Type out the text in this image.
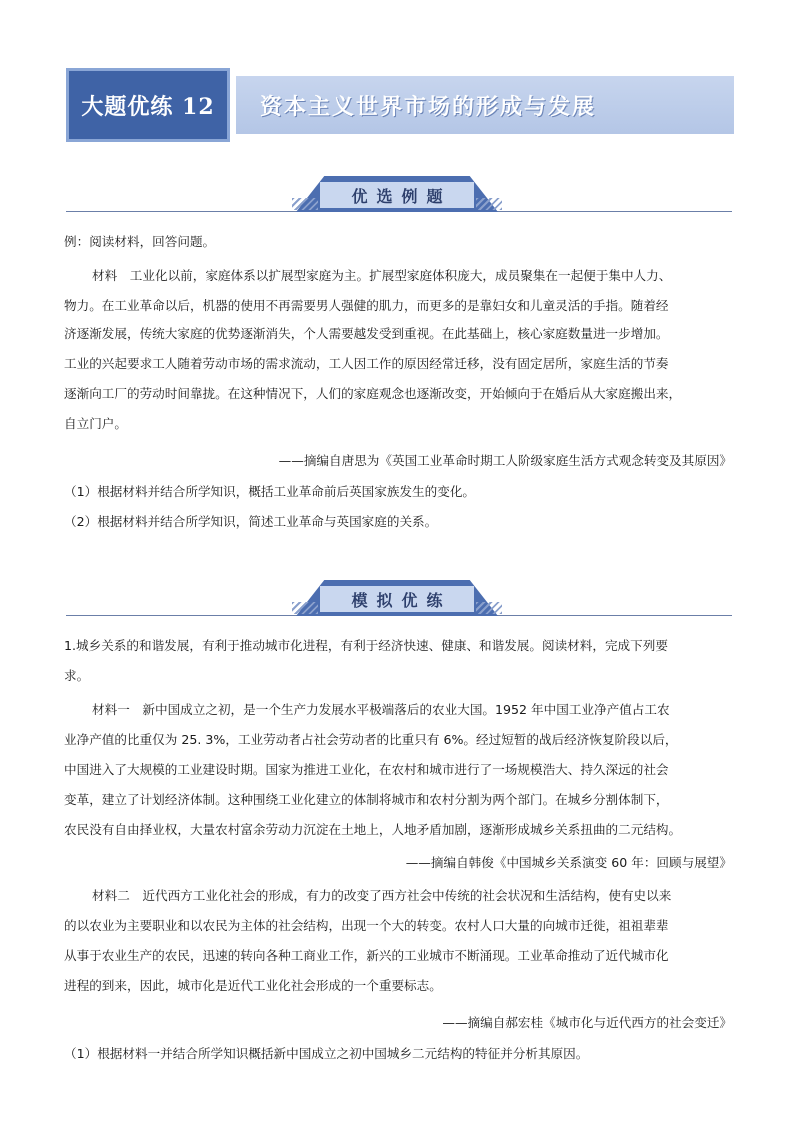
大题优练 12 资本主义世界市场的形成与发展
优选例题
例：阅读材料，回答问题。
材料　工业化以前，家庭体系以扩展型家庭为主。扩展型家庭体积庞大，成员聚集在一起便于集中人力、
物力。在工业革命以后，机器的使用不再需要男人强健的肌力，而更多的是靠妇女和儿童灵活的手指。随着经
济逐渐发展，传统大家庭的优势逐渐消失，个人需要越发受到重视。在此基础上，核心家庭数量进一步增加。
工业的兴起要求工人随着劳动市场的需求流动，工人因工作的原因经常迁移，没有固定居所，家庭生活的节奏
逐渐向工厂的劳动时间靠拢。在这种情况下，人们的家庭观念也逐渐改变，开始倾向于在婚后从大家庭搬出来，
自立门户。
——摘编自唐思为《英国工业革命时期工人阶级家庭生活方式观念转变及其原因》
（1）根据材料并结合所学知识，概括工业革命前后英国家族发生的变化。
（2）根据材料并结合所学知识，简述工业革命与英国家庭的关系。
模拟优练
1.城乡关系的和谐发展，有利于推动城市化进程，有利于经济快速、健康、和谐发展。阅读材料，完成下列要
求。
材料一　新中国成立之初，是一个生产力发展水平极端落后的农业大国。1952 年中国工业净产值占工农
业净产值的比重仅为 25. 3%，工业劳动者占社会劳动者的比重只有 6%。经过短暂的战后经济恢复阶段以后，
中国进入了大规模的工业建设时期。国家为推进工业化，在农村和城市进行了一场规模浩大、持久深远的社会
变革，建立了计划经济体制。这种围绕工业化建立的体制将城市和农村分割为两个部门。在城乡分割体制下，
农民没有自由择业权，大量农村富余劳动力沉淀在土地上，人地矛盾加剧，逐渐形成城乡关系扭曲的二元结构。
——摘编自韩俊《中国城乡关系演变 60 年：回顾与展望》
材料二　近代西方工业化社会的形成，有力的改变了西方社会中传统的社会状况和生活结构，使有史以来
的以农业为主要职业和以农民为主体的社会结构，出现一个大的转变。农村人口大量的向城市迁徙，祖祖辈辈
从事于农业生产的农民，迅速的转向各种工商业工作，新兴的工业城市不断涌现。工业革命推动了近代城市化
进程的到来，因此，城市化是近代工业化社会形成的一个重要标志。
——摘编自郝宏桂《城市化与近代西方的社会变迁》
（1）根据材料一并结合所学知识概括新中国成立之初中国城乡二元结构的特征并分析其原因。
